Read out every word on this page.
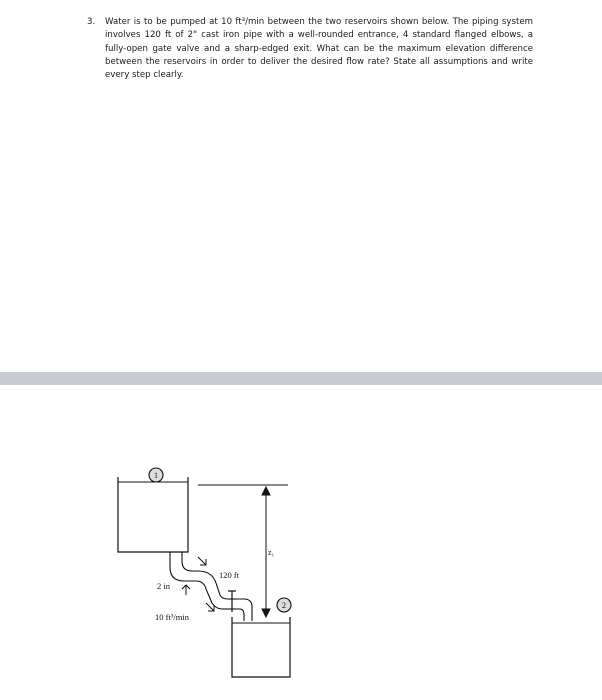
3. Water is to be pumped at 10 ft³/min between the two reservoirs shown below. The piping system involves 120 ft of 2" cast iron pipe with a well-rounded entrance, 4 standard flanged elbows, a fully-open gate valve and a sharp-edged exit. What can be the maximum elevation difference between the reservoirs in order to deliver the desired flow rate? State all assumptions and write every step clearly.
1
2
z₁
120 ft
2 in
10 ft³/min
